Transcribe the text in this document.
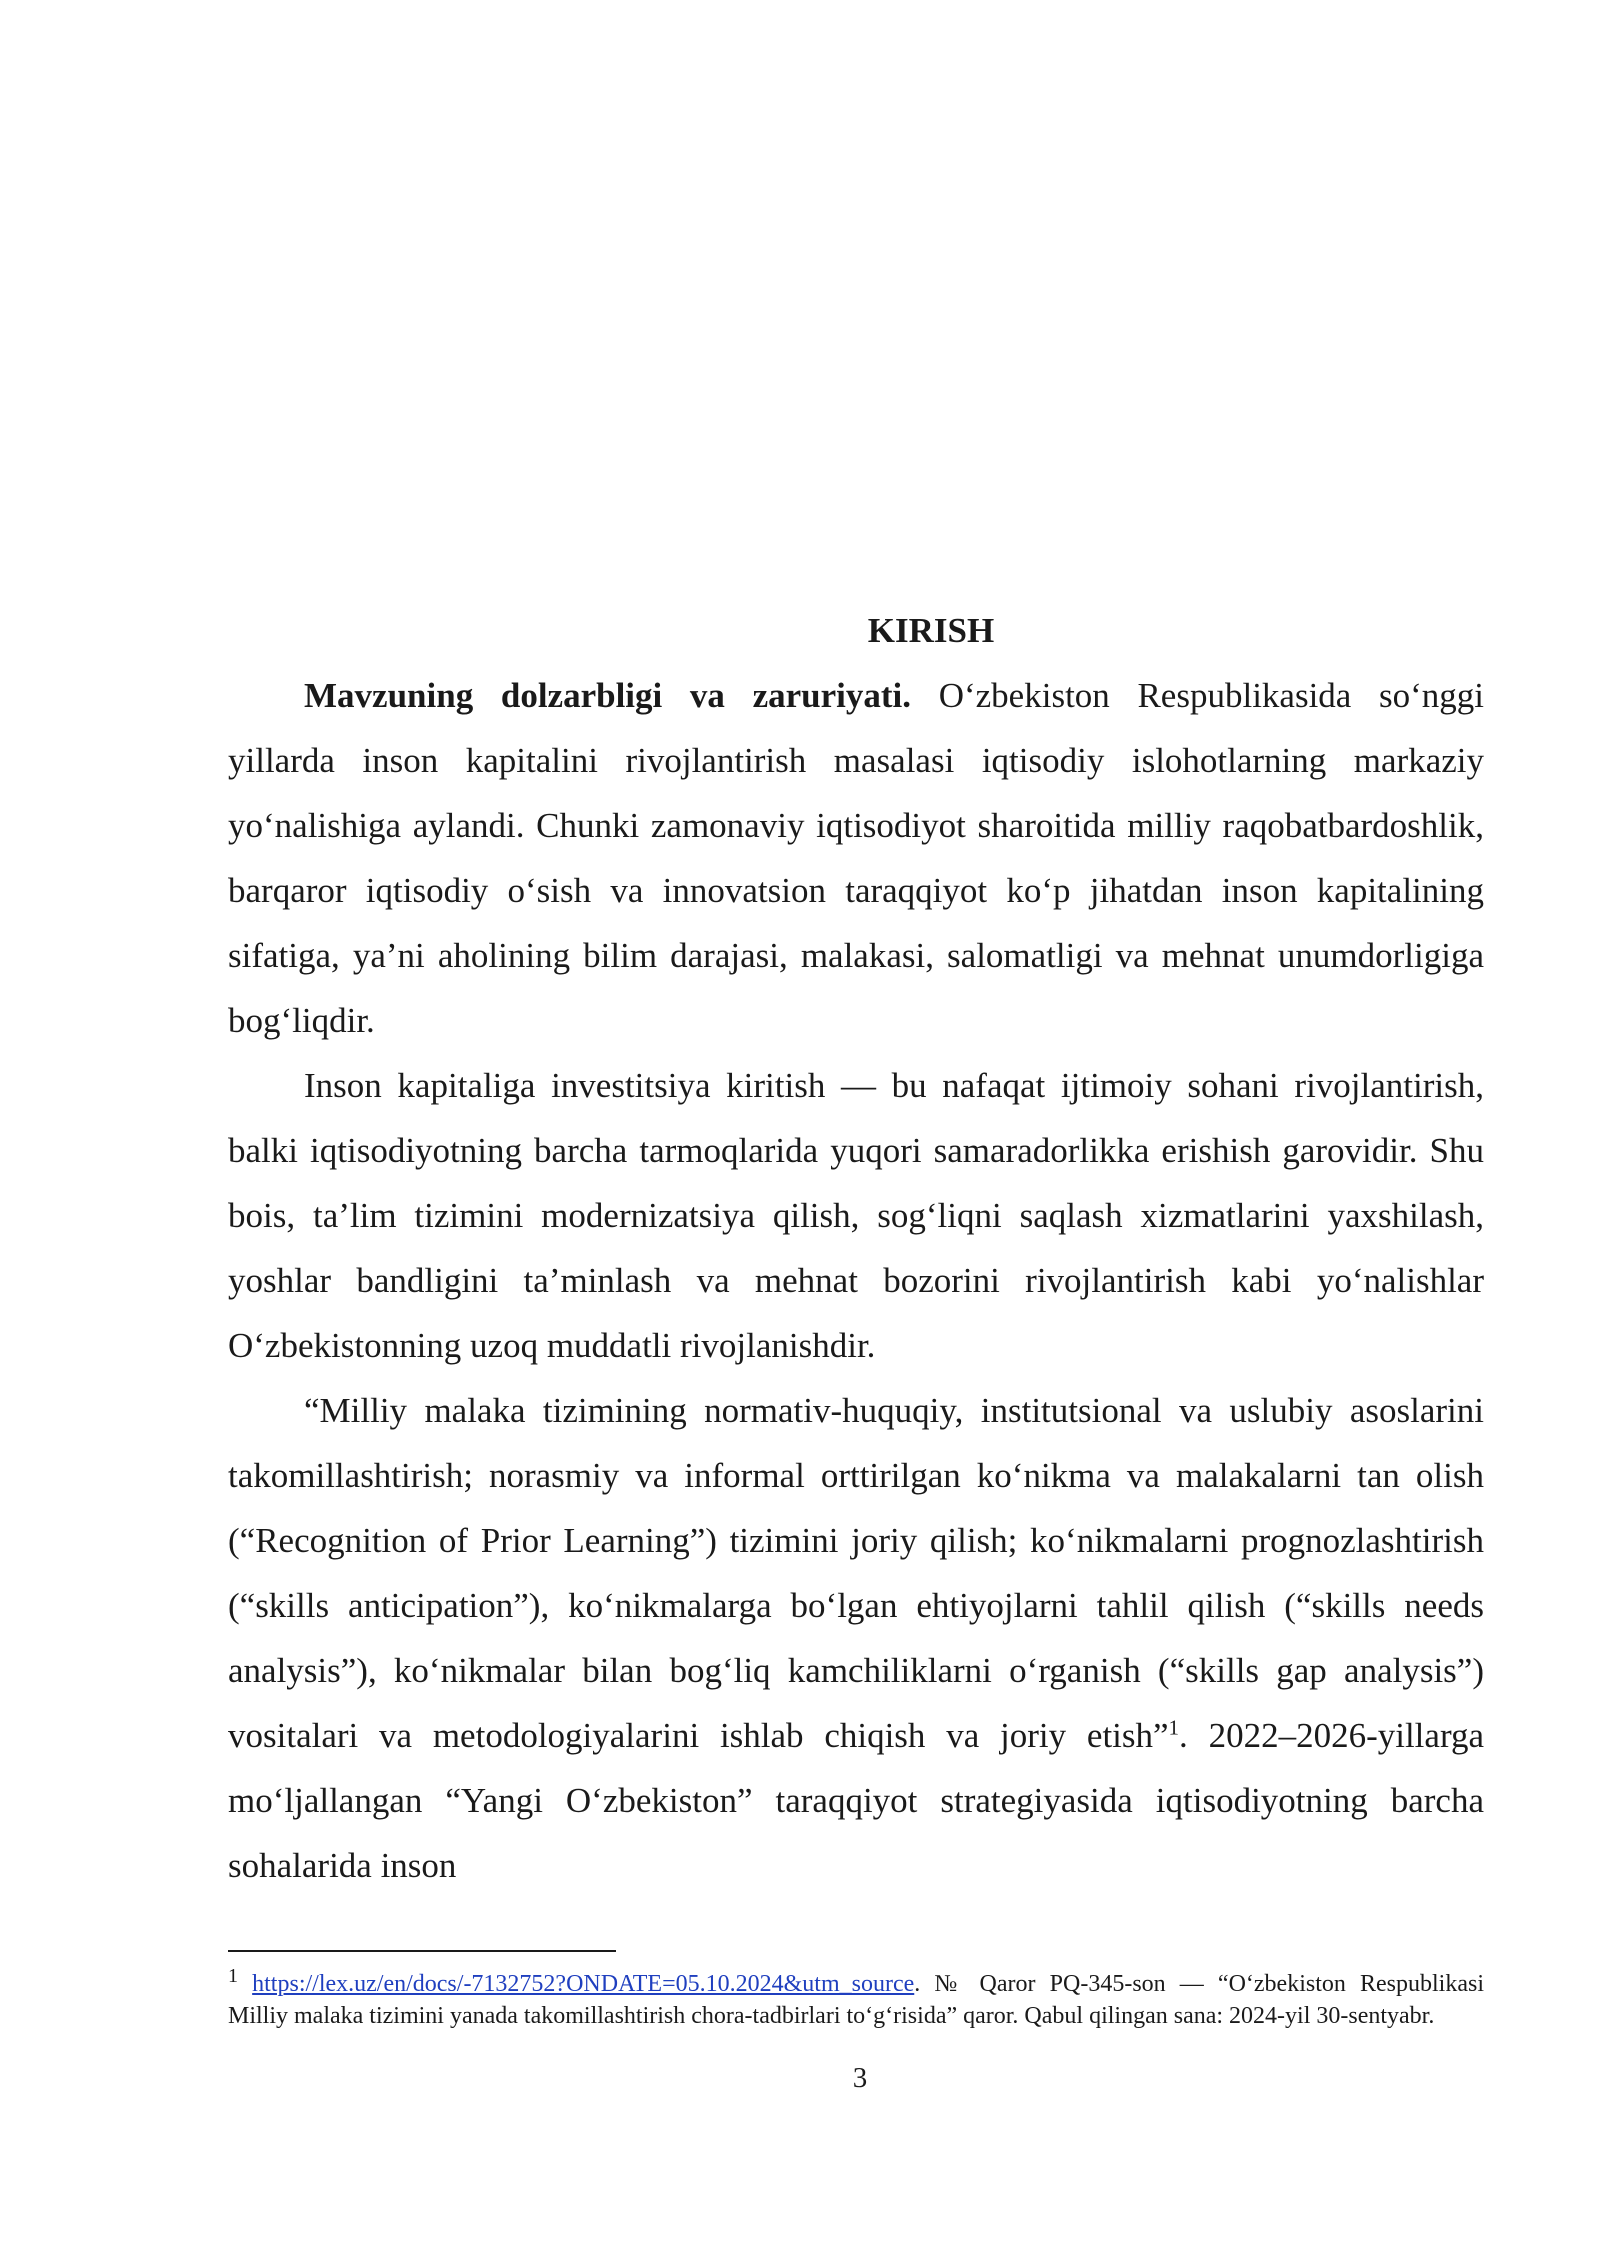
KIRISH

Mavzuning dolzarbligi va zaruriyati. O‘zbekiston Respublikasida so‘nggi yillarda inson kapitalini rivojlantirish masalasi iqtisodiy islohotlarning markaziy yo‘nalishiga aylandi. Chunki zamonaviy iqtisodiyot sharoitida milliy raqobatbardoshlik, barqaror iqtisodiy o‘sish va innovatsion taraqqiyot ko‘p jihatdan inson kapitalining sifatiga, ya’ni aholining bilim darajasi, malakasi, salomatligi va mehnat unumdorligiga bog‘liqdir.

Inson kapitaliga investitsiya kiritish — bu nafaqat ijtimoiy sohani rivojlantirish, balki iqtisodiyotning barcha tarmoqlarida yuqori samaradorlikka erishish garovidir. Shu bois, ta’lim tizimini modernizatsiya qilish, sog‘liqni saqlash xizmatlarini yaxshilash, yoshlar bandligini ta’minlash va mehnat bozorini rivojlantirish kabi yo‘nalishlar O‘zbekistonning uzoq muddatli rivojlanishdir.

“Milliy malaka tizimining normativ-huquqiy, institutsional va uslubiy asoslarini takomillashtirish; norasmiy va informal orttirilgan ko‘nikma va malakalarni tan olish (“Recognition of Prior Learning”) tizimini joriy qilish; ko‘nikmalarni prognozlashtirish (“skills anticipation”), ko‘nikmalarga bo‘lgan ehtiyojlarni tahlil qilish (“skills needs analysis”), ko‘nikmalar bilan bog‘liq kamchiliklarni o‘rganish (“skills gap analysis”) vositalari va metodologiyalarini ishlab chiqish va joriy etish”$^1$. 2022–2026-yillarga mo‘ljallangan “Yangi O‘zbekiston” taraqqiyot strategiyasida iqtisodiyotning barcha sohalarida inson

$^1$ https://lex.uz/en/docs/-7132752?ONDATE=05.10.2024&utm_source. № Qaror PQ-345-son — “O‘zbekiston Respublikasi Milliy malaka tizimini yanada takomillashtirish chora-tadbirlari to‘g‘risida” qaror. Qabul qilingan sana: 2024-yil 30-sentyabr.

3
